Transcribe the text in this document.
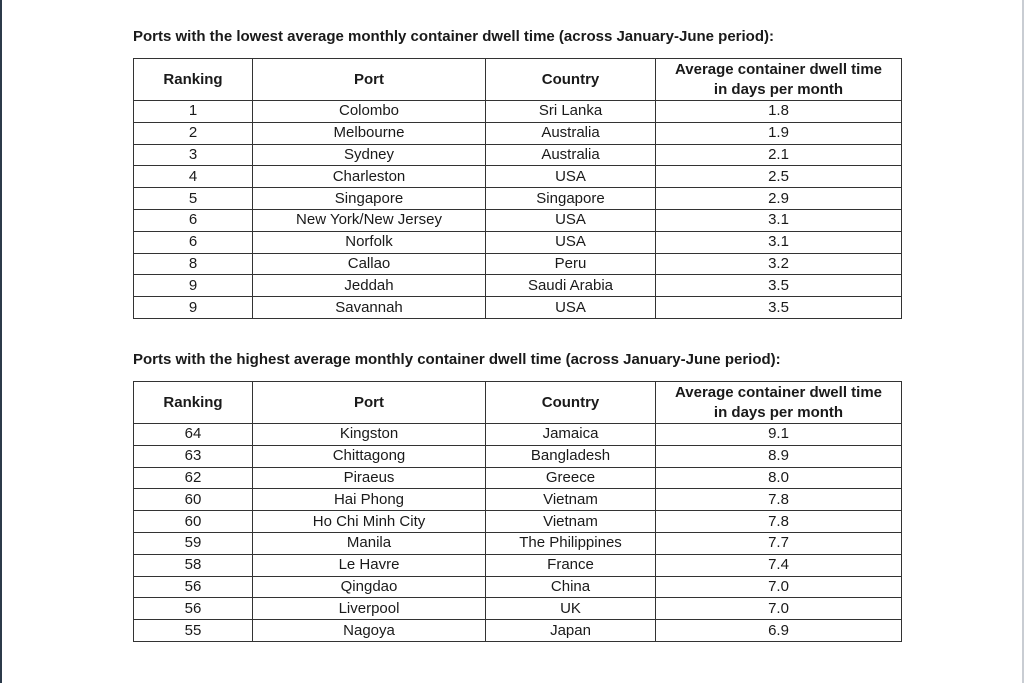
Ports with the lowest average monthly container dwell time (across January-June period):
Ranking	Port	Country	Average container dwell time
in days per month
1	Colombo	Sri Lanka	1.8
2	Melbourne	Australia	1.9
3	Sydney	Australia	2.1
4	Charleston	USA	2.5
5	Singapore	Singapore	2.9
6	New York/New Jersey	USA	3.1
6	Norfolk	USA	3.1
8	Callao	Peru	3.2
9	Jeddah	Saudi Arabia	3.5
9	Savannah	USA	3.5
Ports with the highest average monthly container dwell time (across January-June period):
Ranking	Port	Country	Average container dwell time
in days per month
64	Kingston	Jamaica	9.1
63	Chittagong	Bangladesh	8.9
62	Piraeus	Greece	8.0
60	Hai Phong	Vietnam	7.8
60	Ho Chi Minh City	Vietnam	7.8
59	Manila	The Philippines	7.7
58	Le Havre	France	7.4
56	Qingdao	China	7.0
56	Liverpool	UK	7.0
55	Nagoya	Japan	6.9
